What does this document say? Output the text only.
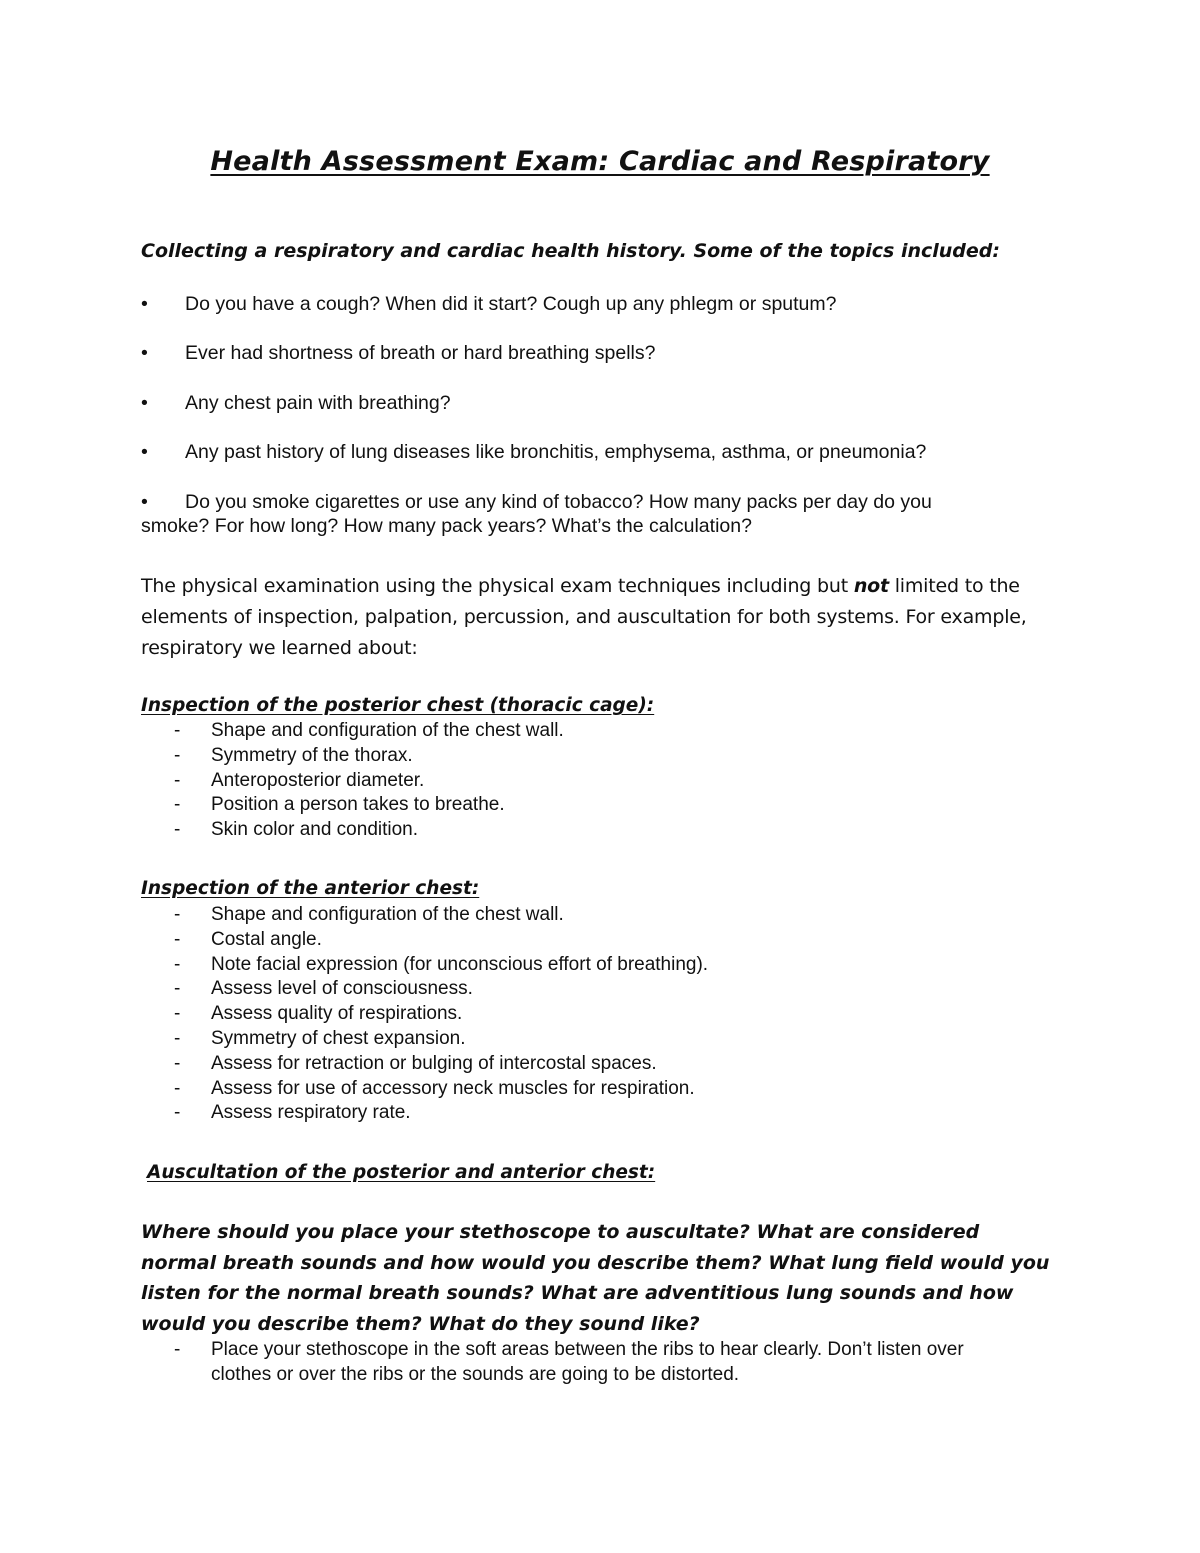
Health Assessment Exam: Cardiac and Respiratory
Collecting a respiratory and cardiac health history. Some of the topics included:
• Do you have a cough? When did it start? Cough up any phlegm or sputum?
• Ever had shortness of breath or hard breathing spells?
• Any chest pain with breathing?
• Any past history of lung diseases like bronchitis, emphysema, asthma, or pneumonia?
• Do you smoke cigarettes or use any kind of tobacco? How many packs per day do you
smoke? For how long? How many pack years? What’s the calculation?
The physical examination using the physical exam techniques including but not limited to the elements of inspection, palpation, percussion, and auscultation for both systems. For example, respiratory we learned about:
Inspection of the posterior chest (thoracic cage):
- Shape and configuration of the chest wall.
- Symmetry of the thorax.
- Anteroposterior diameter.
- Position a person takes to breathe.
- Skin color and condition.
Inspection of the anterior chest:
- Shape and configuration of the chest wall.
- Costal angle.
- Note facial expression (for unconscious effort of breathing).
- Assess level of consciousness.
- Assess quality of respirations.
- Symmetry of chest expansion.
- Assess for retraction or bulging of intercostal spaces.
- Assess for use of accessory neck muscles for respiration.
- Assess respiratory rate.
Auscultation of the posterior and anterior chest:
Where should you place your stethoscope to auscultate? What are considered normal breath sounds and how would you describe them? What lung field would you listen for the normal breath sounds? What are adventitious lung sounds and how would you describe them? What do they sound like?
- Place your stethoscope in the soft areas between the ribs to hear clearly. Don’t listen over clothes or over the ribs or the sounds are going to be distorted.
